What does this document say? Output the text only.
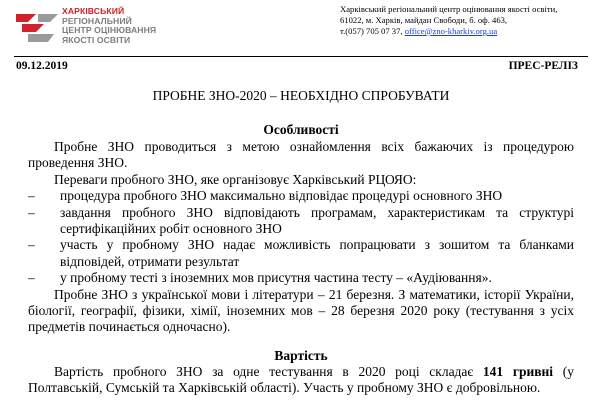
ХАРКІВСЬКИЙ
РЕГІОНАЛЬНИЙ
ЦЕНТР ОЦІНЮВАННЯ
ЯКОСТІ ОСВІТИ
Харківський регіональний центр оцінювання якості освіти,
61022, м. Харків, майдан Свободи, б. оф. 463,
т.(057) 705 07 37, office@zno-kharkiv.org.ua
09.12.2019	ПРЕС-РЕЛІЗ
ПРОБНЕ ЗНО-2020 – НЕОБХІДНО СПРОБУВАТИ
Особливості

Пробне ЗНО проводиться з метою ознайомлення всіх бажаючих із процедурою проведення ЗНО.

Переваги пробного ЗНО, яке організовує Харківський РЦОЯО:

– процедура пробного ЗНО максимально відповідає процедурі основного ЗНО
– завдання пробного ЗНО відповідають програмам, характеристикам та структурі сертифікаційних робіт основного ЗНО
– участь у пробному ЗНО надає можливість попрацювати з зошитом та бланками відповідей, отримати результат
– у пробному тесті з іноземних мов присутня частина тесту – «Аудіювання».

Пробне ЗНО з української мови і літератури – 21 березня. З математики, історії України, біології, географії, фізики, хімії, іноземних мов – 28 березня 2020 року (тестування з усіх предметів починається одночасно).

Вартість

Вартість пробного ЗНО за одне тестування в 2020 році складає 141 гривні (у Полтавській, Сумській та Харківській області). Участь у пробному ЗНО є добровільною.
